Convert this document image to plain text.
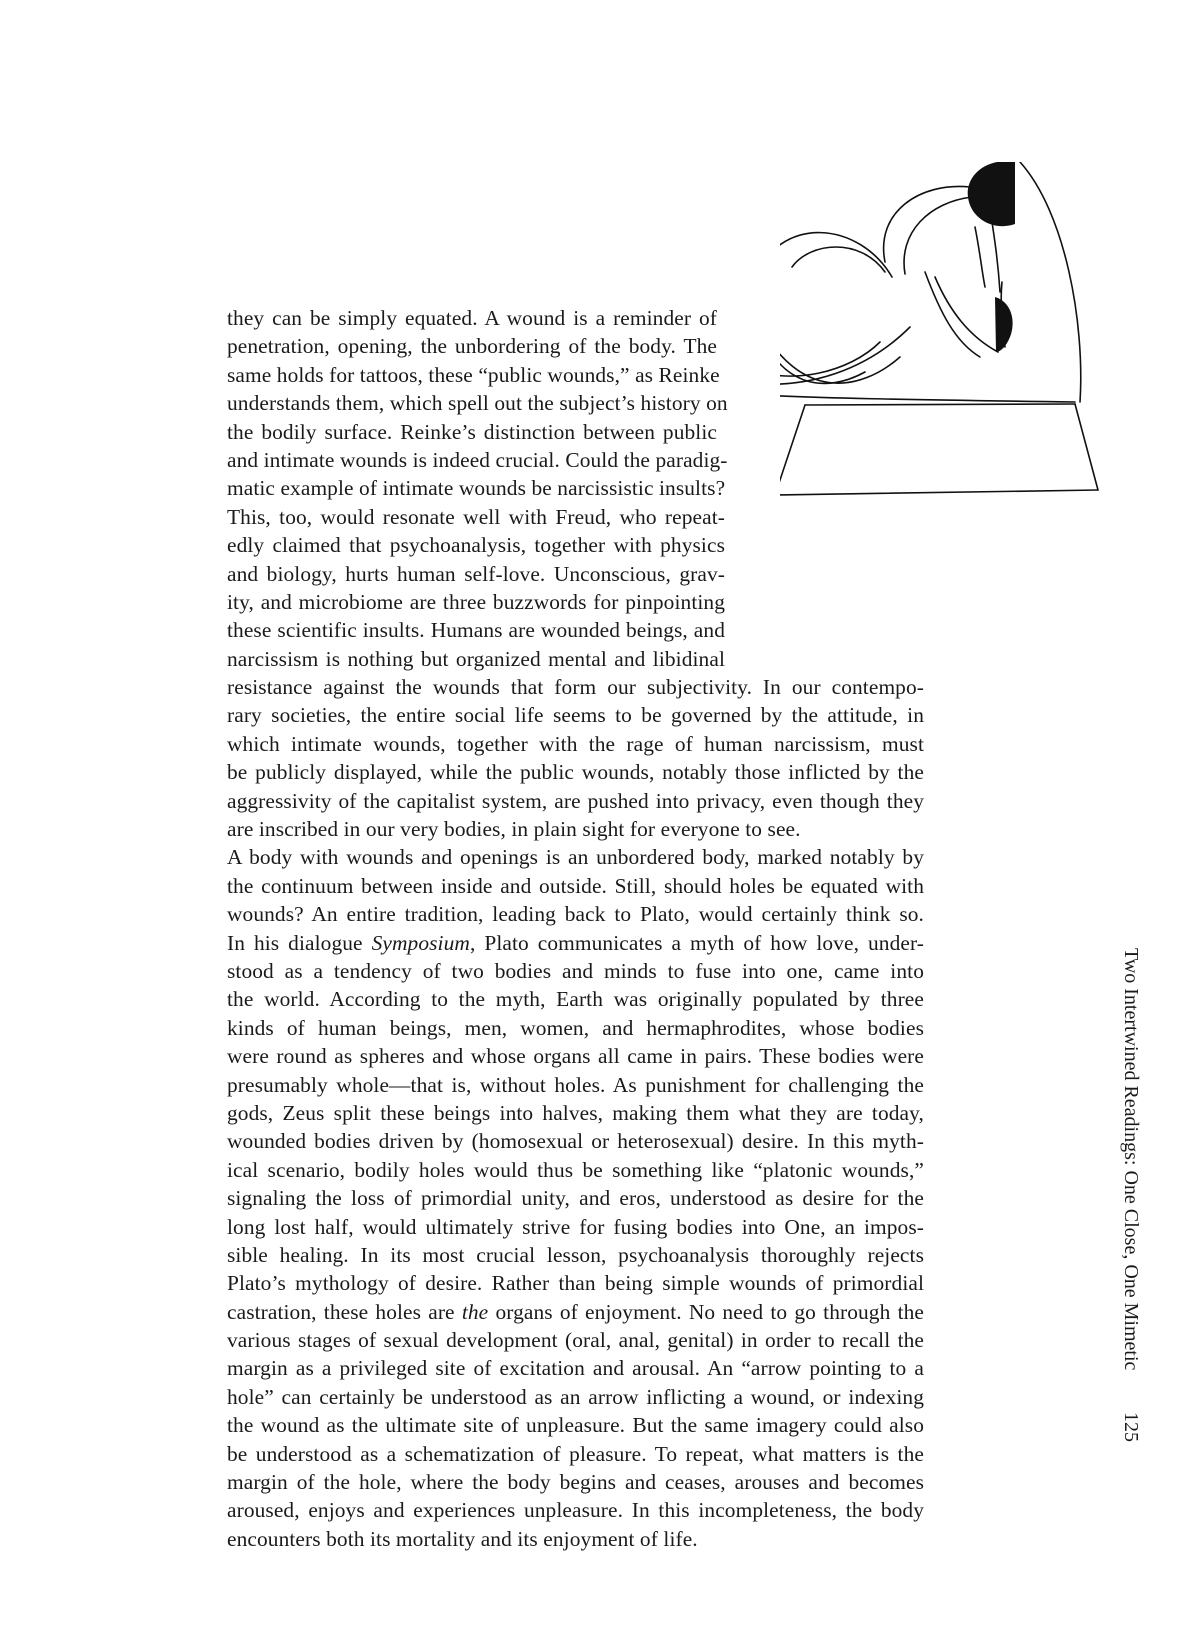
they can be simply equated. A wound is a reminder of
penetration, opening, the unbordering of the body. The
same holds for tattoos, these “public wounds,” as Reinke
understands them, which spell out the subject’s history on
the bodily surface. Reinke’s distinction between public
and intimate wounds is indeed crucial. Could the paradig-
matic example of intimate wounds be narcissistic insults?
This, too, would resonate well with Freud, who repeat-
edly claimed that psychoanalysis, together with physics
and biology, hurts human self-love. Unconscious, grav-
ity, and microbiome are three buzzwords for pinpointing
these scientific insults. Humans are wounded beings, and
narcissism is nothing but organized mental and libidinal
resistance against the wounds that form our subjectivity. In our contempo-
rary societies, the entire social life seems to be governed by the attitude, in
which intimate wounds, together with the rage of human narcissism, must
be publicly displayed, while the public wounds, notably those inflicted by the
aggressivity of the capitalist system, are pushed into privacy, even though they
are inscribed in our very bodies, in plain sight for everyone to see.
A body with wounds and openings is an unbordered body, marked notably by
the continuum between inside and outside. Still, should holes be equated with
wounds? An entire tradition, leading back to Plato, would certainly think so.
In his dialogue Symposium, Plato communicates a myth of how love, under-
stood as a tendency of two bodies and minds to fuse into one, came into
the world. According to the myth, Earth was originally populated by three
kinds of human beings, men, women, and hermaphrodites, whose bodies
were round as spheres and whose organs all came in pairs. These bodies were
presumably whole—that is, without holes. As punishment for challenging the
gods, Zeus split these beings into halves, making them what they are today,
wounded bodies driven by (homosexual or heterosexual) desire. In this myth-
ical scenario, bodily holes would thus be something like “platonic wounds,”
signaling the loss of primordial unity, and eros, understood as desire for the
long lost half, would ultimately strive for fusing bodies into One, an impos-
sible healing. In its most crucial lesson, psychoanalysis thoroughly rejects
Plato’s mythology of desire. Rather than being simple wounds of primordial
castration, these holes are the organs of enjoyment. No need to go through the
various stages of sexual development (oral, anal, genital) in order to recall the
margin as a privileged site of excitation and arousal. An “arrow pointing to a
hole” can certainly be understood as an arrow inflicting a wound, or indexing
the wound as the ultimate site of unpleasure. But the same imagery could also
be understood as a schematization of pleasure. To repeat, what matters is the
margin of the hole, where the body begins and ceases, arouses and becomes
aroused, enjoys and experiences unpleasure. In this incompleteness, the body
encounters both its mortality and its enjoyment of life.
Two Intertwined Readings: One Close, One Mimetic
125
